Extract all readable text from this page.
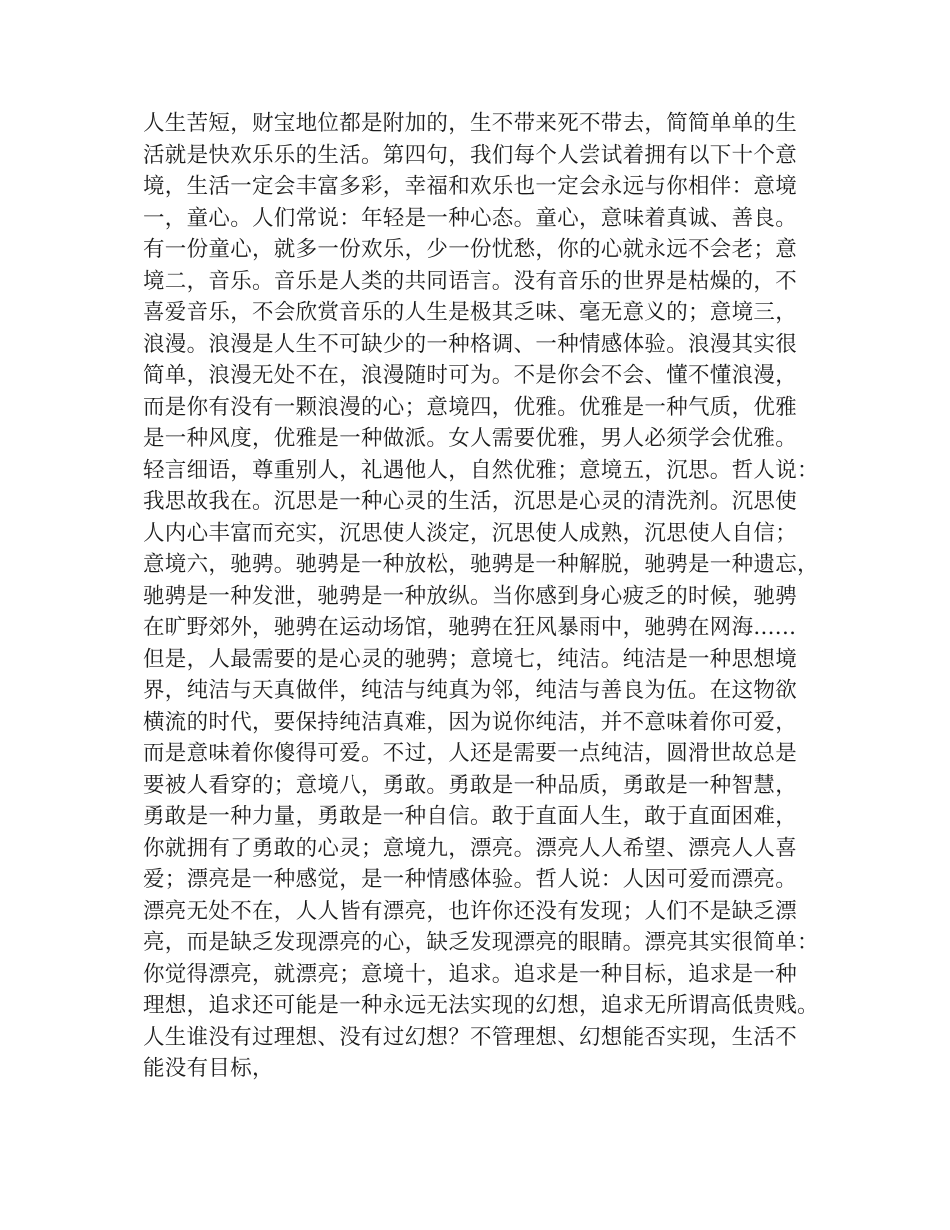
人生苦短，财宝地位都是附加的，生不带来死不带去，简简单单的生
活就是快欢乐乐的生活。第四句，我们每个人尝试着拥有以下十个意
境，生活一定会丰富多彩，幸福和欢乐也一定会永远与你相伴：意境
一，童心。人们常说：年轻是一种心态。童心，意味着真诚、善良。
有一份童心，就多一份欢乐，少一份忧愁，你的心就永远不会老；意
境二，音乐。音乐是人类的共同语言。没有音乐的世界是枯燥的，不
喜爱音乐，不会欣赏音乐的人生是极其乏味、毫无意义的；意境三，
浪漫。浪漫是人生不可缺少的一种格调、一种情感体验。浪漫其实很
简单，浪漫无处不在，浪漫随时可为。不是你会不会、懂不懂浪漫，
而是你有没有一颗浪漫的心；意境四，优雅。优雅是一种气质，优雅
是一种风度，优雅是一种做派。女人需要优雅，男人必须学会优雅。
轻言细语，尊重别人，礼遇他人，自然优雅；意境五，沉思。哲人说：
我思故我在。沉思是一种心灵的生活，沉思是心灵的清洗剂。沉思使
人内心丰富而充实，沉思使人淡定，沉思使人成熟，沉思使人自信；
意境六，驰骋。驰骋是一种放松，驰骋是一种解脱，驰骋是一种遗忘，
驰骋是一种发泄，驰骋是一种放纵。当你感到身心疲乏的时候，驰骋
在旷野郊外，驰骋在运动场馆，驰骋在狂风暴雨中，驰骋在网海......
但是，人最需要的是心灵的驰骋；意境七，纯洁。纯洁是一种思想境
界，纯洁与天真做伴，纯洁与纯真为邻，纯洁与善良为伍。在这物欲
横流的时代，要保持纯洁真难，因为说你纯洁，并不意味着你可爱，
而是意味着你傻得可爱。不过，人还是需要一点纯洁，圆滑世故总是
要被人看穿的；意境八，勇敢。勇敢是一种品质，勇敢是一种智慧，
勇敢是一种力量，勇敢是一种自信。敢于直面人生，敢于直面困难，
你就拥有了勇敢的心灵；意境九，漂亮。漂亮人人希望、漂亮人人喜
爱；漂亮是一种感觉，是一种情感体验。哲人说：人因可爱而漂亮。
漂亮无处不在，人人皆有漂亮，也许你还没有发现；人们不是缺乏漂
亮，而是缺乏发现漂亮的心，缺乏发现漂亮的眼睛。漂亮其实很简单：
你觉得漂亮，就漂亮；意境十，追求。追求是一种目标，追求是一种
理想，追求还可能是一种永远无法实现的幻想，追求无所谓高低贵贱。
人生谁没有过理想、没有过幻想？不管理想、幻想能否实现，生活不
能没有目标，
